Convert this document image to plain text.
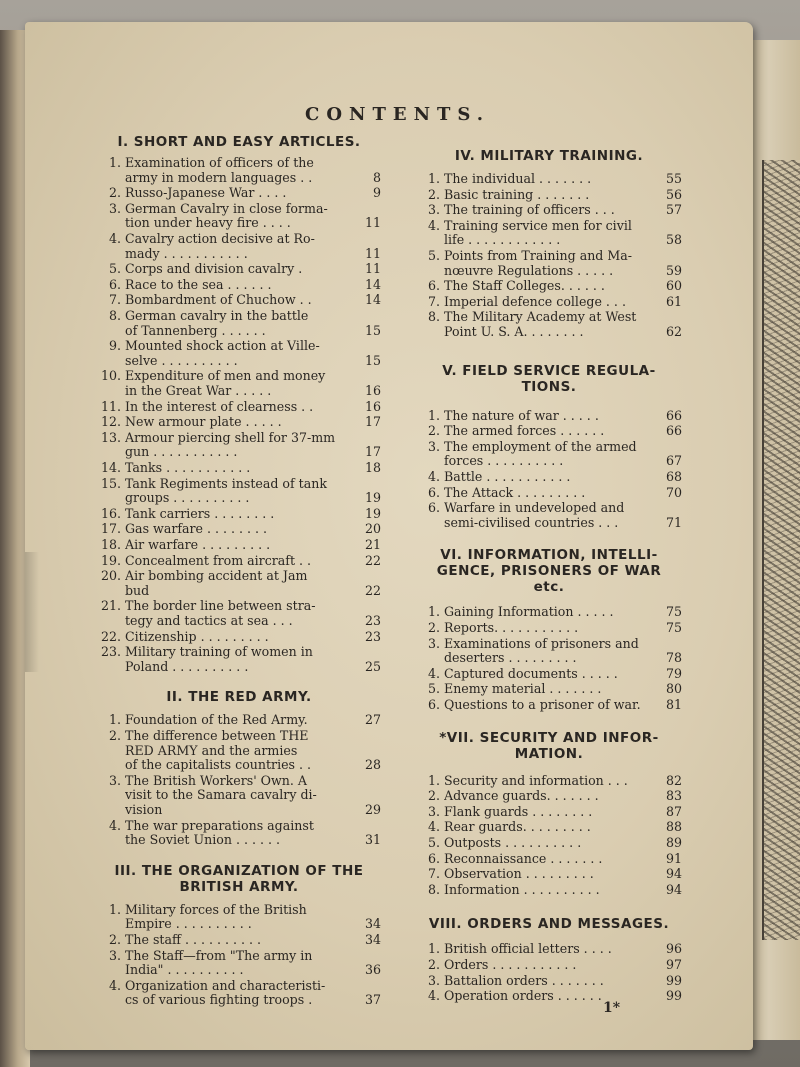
CONTENTS.
I. SHORT AND EASY ARTICLES.
1. Examination of officers of the
army in modern languages . .	8
2. Russo-Japanese War . . . .	9
3. German Cavalry in close forma-
tion under heavy fire . . . .	11
4. Cavalry action decisive at Ro-
mady . . . . . . . . . . .	11
5. Corps and division cavalry .	11
6. Race to the sea . . . . . .	14
7. Bombardment of Chuchow . .	14
8. German cavalry in the battle
of Tannenberg . . . . . .	15
9. Mounted shock action at Ville-
selve . . . . . . . . . .	15
10. Expenditure of men and money
in the Great War . . . . .	16
11. In the interest of clearness . .	16
12. New armour plate . . . . .	17
13. Armour piercing shell for 37-mm
gun . . . . . . . . . . .	17
14. Tanks . . . . . . . . . . .	18
15. Tank Regiments instead of tank
groups . . . . . . . . . .	19
16. Tank carriers . . . . . . . .	19
17. Gas warfare . . . . . . . .	20
18. Air warfare . . . . . . . . .	21
19. Concealment from aircraft . .	22
20. Air bombing accident at Jam
bud	22
21. The border line between stra-
tegy and tactics at sea . . .	23
22. Citizenship . . . . . . . . .	23
23. Military training of women in
Poland . . . . . . . . . .	25
II. THE RED ARMY.
1. Foundation of the Red Army.	27
2. The difference between THE
RED ARMY and the armies
of the capitalists countries . .	28
3. The British Workers' Own. A
visit to the Samara cavalry di-
vision	29
4. The war preparations against
the Soviet Union . . . . . .	31
III. THE ORGANIZATION OF THE
BRITISH ARMY.
1. Military forces of the British
Empire . . . . . . . . . .	34
2. The staff . . . . . . . . . .	34
3. The Staff—from "The army in
India" . . . . . . . . . .	36
4. Organization and characteristi-
cs of various fighting troops .	37
IV. MILITARY TRAINING.
1. The individual . . . . . . .	55
2. Basic training . . . . . . .	56
3. The training of officers . . .	57
4. Training service men for civil
life . . . . . . . . . . . .	58
5. Points from Training and Ma-
nœuvre Regulations . . . . .	59
6. The Staff Colleges. . . . . .	60
7. Imperial defence college . . .	61
8. The Military Academy at West
Point U. S. A. . . . . . . .	62
V. FIELD SERVICE REGULA-
TIONS.
1. The nature of war . . . . .	66
2. The armed forces . . . . . .	66
3. The employment of the armed
forces . . . . . . . . . .	67
4. Battle . . . . . . . . . . .	68
6. The Attack . . . . . . . . .	70
6. Warfare in undeveloped and
semi-civilised countries . . .	71
VI. INFORMATION, INTELLI-
GENCE, PRISONERS OF WAR
etc.
1. Gaining Information . . . . .	75
2. Reports. . . . . . . . . . .	75
3. Examinations of prisoners and
deserters . . . . . . . . .	78
4. Captured documents . . . . .	79
5. Enemy material . . . . . . .	80
6. Questions to a prisoner of war.	81
*VII. SECURITY AND INFOR-
MATION.
1. Security and information . . .	82
2. Advance guards. . . . . . .	83
3. Flank guards . . . . . . . .	87
4. Rear guards. . . . . . . . .	88
5. Outposts . . . . . . . . . .	89
6. Reconnaissance . . . . . . .	91
7. Observation . . . . . . . . .	94
8. Information . . . . . . . . . .	94
VIII. ORDERS AND MESSAGES.
1. British official letters . . . .	96
2. Orders . . . . . . . . . . .	97
3. Battalion orders . . . . . . .	99
4. Operation orders . . . . . .	99
1*
